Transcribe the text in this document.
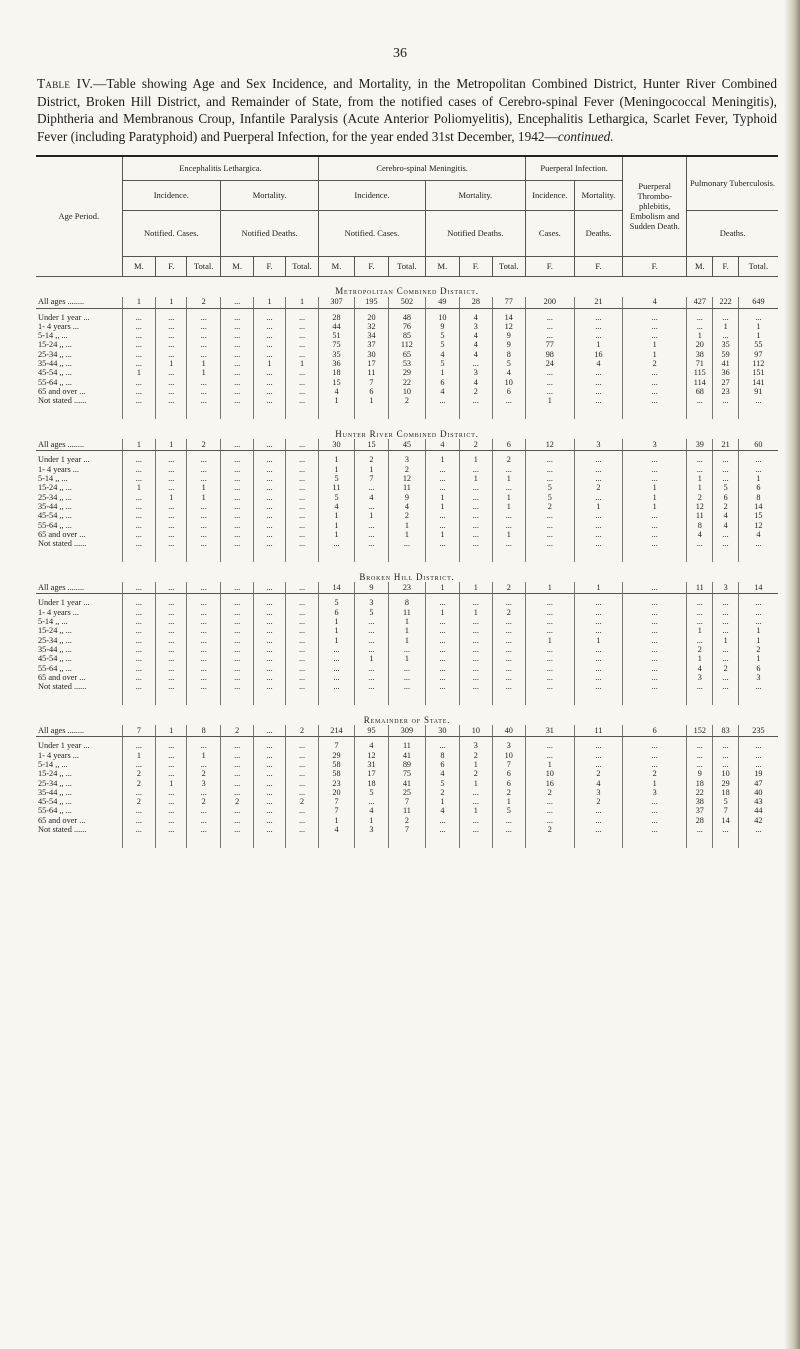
36
Table IV.—Table showing Age and Sex Incidence, and Mortality, in the Metropolitan Combined District, Hunter River Combined District, Broken Hill District, and Remainder of State, from the notified cases of Cerebro-spinal Fever (Meningococcal Meningitis), Diphtheria and Membranous Croup, Infantile Paralysis (Acute Anterior Poliomyelitis), Encephalitis Lethargica, Scarlet Fever, Typhoid Fever (including Paratyphoid) and Puerperal Infection, for the year ended 31st December, 1942—continued.
Age Period.	Encephalitis Lethargica.						Cerebro-spinal Meningitis.						Puerperal Infection.		Puerperal Thrombo-phlebitis, Embolism and Sudden Death.	Pulmonary Tuberculosis.		
	Incidence.			Mortality.			Incidence.			Mortality.			Incidence.	Mortality.				
	Notified. Cases.			Notified Deaths.			Notified. Cases.			Notified Deaths.			Cases.	Deaths.		Deaths.		
	M.	F.	Total.	M.	F.	Total.	M.	F.	Total.	M.	F.	Total.	F.	F.	F.	M.	F.	Total.
Metropolitan Combined District.																		
All ages ........	1	1	2	...	1	1	307	195	502	49	28	77	200	21	4	427	222	649

Under 1 year ...	...	...	...	...	...	...	28	20	48	10	4	14	...	...	...	...	...	...
1- 4 years ...	...	...	...	...	...	...	44	32	76	9	3	12	...	...	...	...	1	1
5-14 ,, ...	...	...	...	...	...	...	51	34	85	5	4	9	...	...	...	1	...	1
15-24 ,, ...	...	...	...	...	...	...	75	37	112	5	4	9	77	1	1	20	35	55
25-34 ,, ...	...	...	...	...	...	...	35	30	65	4	4	8	98	16	1	38	59	97
35-44 ,, ...	...	1	1	...	1	1	36	17	53	5	...	5	24	4	2	71	41	112
45-54 ,, ...	1	...	1	...	...	...	18	11	29	1	3	4	...	...	...	115	36	151
55-64 ,, ...	...	...	...	...	...	...	15	7	22	6	4	10	...	...	...	114	27	141
65 and over ...	...	...	...	...	...	...	4	6	10	4	2	6	...	...	...	68	23	91
Not stated ......	...	...	...	...	...	...	1	1	2	...	...	...	1	...	...	...	...	...

Hunter River Combined District.																		
All ages ........	1	1	2	...	...	...	30	15	45	4	2	6	12	3	3	39	21	60

Under 1 year ...	...	...	...	...	...	...	1	2	3	1	1	2	...	...	...	...	...	...
1- 4 years ...	...	...	...	...	...	...	1	1	2	...	...	...	...	...	...	...	...	...
5-14 ,, ...	...	...	...	...	...	...	5	7	12	...	1	1	...	...	...	1	...	1
15-24 ,, ...	1	...	1	...	...	...	11	...	11	...	...	...	5	2	1	1	5	6
25-34 ,, ...	...	1	1	...	...	...	5	4	9	1	...	1	5	...	1	2	6	8
35-44 ,, ...	...	...	...	...	...	...	4	...	4	1	...	1	2	1	1	12	2	14
45-54 ,, ...	...	...	...	...	...	...	1	1	2	...	...	...	...	...	...	11	4	15
55-64 ,, ...	...	...	...	...	...	...	1	...	1	...	...	...	...	...	...	8	4	12
65 and over ...	...	...	...	...	...	...	1	...	1	1	...	1	...	...	...	4	...	4
Not stated ......	...	...	...	...	...	...	...	...	...	...	...	...	...	...	...	...	...	...

Broken Hill District.																		
All ages ........	...	...	...	...	...	...	14	9	23	1	1	2	1	1	...	11	3	14

Under 1 year ...	...	...	...	...	...	...	5	3	8	...	...	...	...	...	...	...	...	...
1- 4 years ...	...	...	...	...	...	...	6	5	11	1	1	2	...	...	...	...	...	...
5-14 ,, ...	...	...	...	...	...	...	1	...	1	...	...	...	...	...	...	...	...	...
15-24 ,, ...	...	...	...	...	...	...	1	...	1	...	...	...	...	...	...	1	...	1
25-34 ,, ...	...	...	...	...	...	...	1	...	1	...	...	...	1	1	...	...	1	1
35-44 ,, ...	...	...	...	...	...	...	...	...	...	...	...	...	...	...	...	2	...	2
45-54 ,, ...	...	...	...	...	...	...	...	1	1	...	...	...	...	...	...	1	...	1
55-64 ,, ...	...	...	...	...	...	...	...	...	...	...	...	...	...	...	...	4	2	6
65 and over ...	...	...	...	...	...	...	...	...	...	...	...	...	...	...	...	3	...	3
Not stated ......	...	...	...	...	...	...	...	...	...	...	...	...	...	...	...	...	...	...

Remainder of State.																		
All ages ........	7	1	8	2	...	2	214	95	309	30	10	40	31	11	6	152	83	235

Under 1 year ...	...	...	...	...	...	...	7	4	11	...	3	3	...	...	...	...	...	...
1- 4 years ...	1	...	1	...	...	...	29	12	41	8	2	10	...	...	...	...	...	...
5-14 ,, ...	...	...	...	...	...	...	58	31	89	6	1	7	1	...	...	...	...	...
15-24 ,, ...	2	...	2	...	...	...	58	17	75	4	2	6	10	2	2	9	10	19
25-34 ,, ...	2	1	3	...	...	...	23	18	41	5	1	6	16	4	1	18	29	47
35-44 ,, ...	...	...	...	...	...	...	20	5	25	2	...	2	2	3	3	22	18	40
45-54 ,, ...	2	...	2	2	...	2	7	...	7	1	...	1	...	2	...	38	5	43
55-64 ,, ...	...	...	...	...	...	...	7	4	11	4	1	5	...	...	...	37	7	44
65 and over ...	...	...	...	...	...	...	1	1	2	...	...	...	...	...	...	28	14	42
Not stated ......	...	...	...	...	...	...	4	3	7	...	...	...	2	...	...	...	...	...
